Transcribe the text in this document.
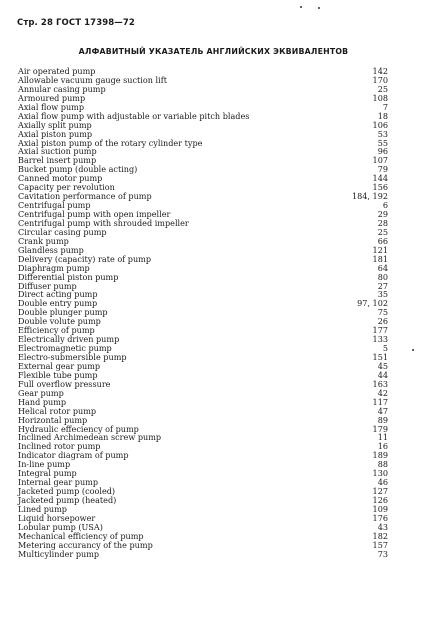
Стр. 28 ГОСТ 17398—72
АЛФАВИТНЫЙ УКАЗАТЕЛЬ АНГЛИЙСКИХ ЭКВИВАЛЕНТОВ
Air operated pump	142
Allowable vacuum gauge suction lift	170
Annular casing pump	25
Armoured pump	108
Axial flow pump	7
Axial flow pump with adjustable or variable pitch blades	18
Axially split pump	106
Axial piston pump	53
Axial piston pump of the rotary cylinder type	55
Axial suction pump	96
Barrel insert pump	107
Bucket pump (double acting)	79
Canned motor pump	144
Capacity per revolution	156
Cavitation performance of pump	184, 192
Centrifugal pump	6
Centrifugal pump with open impeller	29
Centrifugal pump with shrouded impeller	28
Circular casing pump	25
Crank pump	66
Glandless pump	121
Delivery (capacity) rate of pump	181
Diaphragm pump	64
Differential piston pump	80
Diffuser pump	27
Direct acting pump	35
Double entry pump	97, 102
Double plunger pump	75
Double volute pump	26
Efficiency of pump	177
Electrically driven pump	133
Electromagnetic pump	5
Electro-submersible pump	151
External gear pump	45
Flexible tube pump	44
Full overflow pressure	163
Gear pump	42
Hand pump	117
Helical rotor pump	47
Horizontal pump	89
Hydraulic effeciency of pump	179
Inclined Archimedean screw pump	11
Inclined rotor pump	16
Indicator diagram of pump	189
In-line pump	88
Integral pump	130
Internal gear pump	46
Jacketed pump (cooled)	127
Jacketed pump (heated)	126
Lined pump	109
Liquid horsepower	176
Lobular pump (USA)	43
Mechanical efficiency of pump	182
Metering accurancy of the pump	157
Multicylinder pump	73
